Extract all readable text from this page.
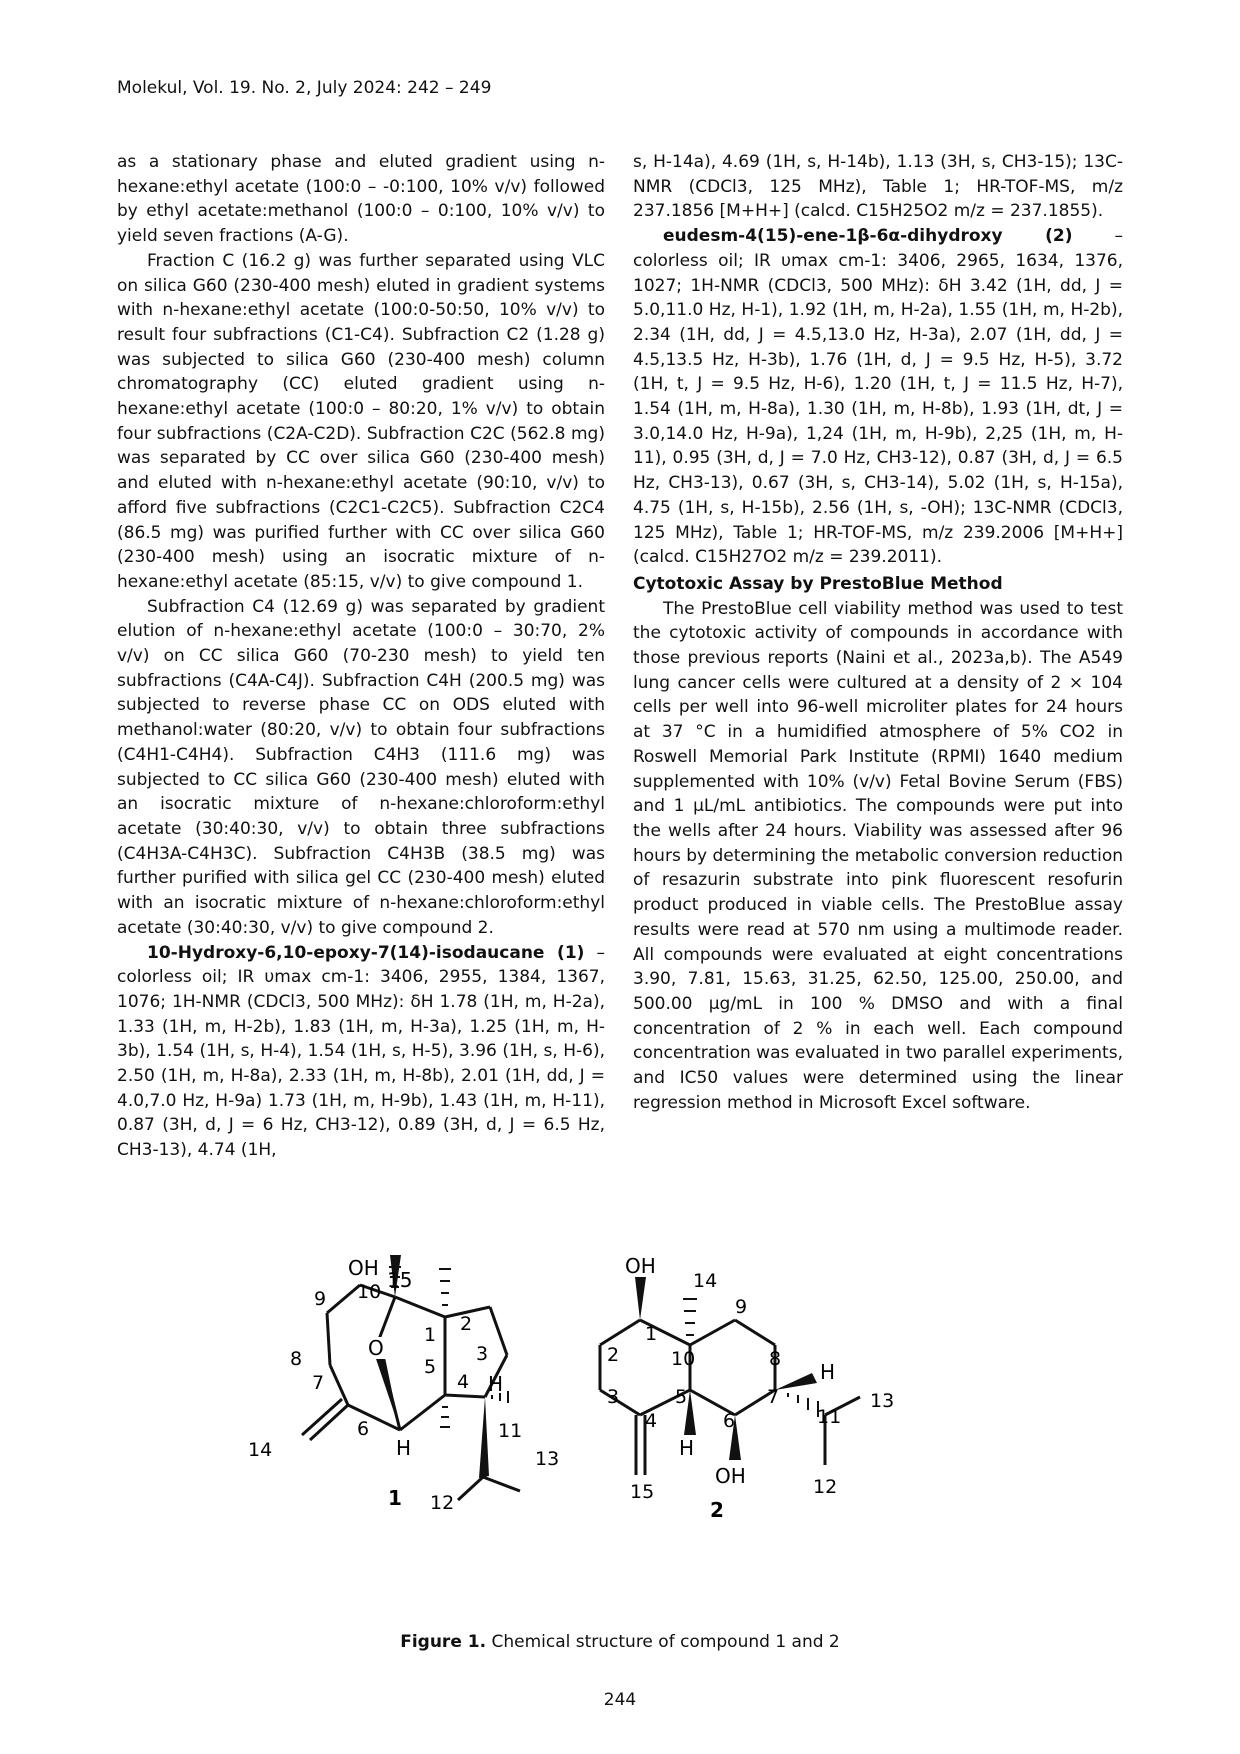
Molekul, Vol. 19. No. 2, July 2024: 242 – 249

as a stationary phase and eluted gradient using n-hexane:ethyl acetate (100:0 – -0:100, 10% v/v) followed by ethyl acetate:methanol (100:0 – 0:100, 10% v/v) to yield seven fractions (A-G).

Fraction C (16.2 g) was further separated using VLC on silica G60 (230-400 mesh) eluted in gradient systems with n-hexane:ethyl acetate (100:0-50:50, 10% v/v) to result four subfractions (C1-C4). Subfraction C2 (1.28 g) was subjected to silica G60 (230-400 mesh) column chromatography (CC) eluted gradient using n-hexane:ethyl acetate (100:0 – 80:20, 1% v/v) to obtain four subfractions (C2A-C2D). Subfraction C2C (562.8 mg) was separated by CC over silica G60 (230-400 mesh) and eluted with n-hexane:ethyl acetate (90:10, v/v) to afford five subfractions (C2C1-C2C5). Subfraction C2C4 (86.5 mg) was purified further with CC over silica G60 (230-400 mesh) using an isocratic mixture of n-hexane:ethyl acetate (85:15, v/v) to give compound 1.

Subfraction C4 (12.69 g) was separated by gradient elution of n-hexane:ethyl acetate (100:0 – 30:70, 2% v/v) on CC silica G60 (70-230 mesh) to yield ten subfractions (C4A-C4J). Subfraction C4H (200.5 mg) was subjected to reverse phase CC on ODS eluted with methanol:water (80:20, v/v) to obtain four subfractions (C4H1-C4H4). Subfraction C4H3 (111.6 mg) was subjected to CC silica G60 (230-400 mesh) eluted with an isocratic mixture of n-hexane:chloroform:ethyl acetate (30:40:30, v/v) to obtain three subfractions (C4H3A-C4H3C). Subfraction C4H3B (38.5 mg) was further purified with silica gel CC (230-400 mesh) eluted with an isocratic mixture of n-hexane:chloroform:ethyl acetate (30:40:30, v/v) to give compound 2.

10-Hydroxy-6,10-epoxy-7(14)-isodaucane (1) – colorless oil; IR υmax cm-1: 3406, 2955, 1384, 1367, 1076; 1H-NMR (CDCl3, 500 MHz): δH 1.78 (1H, m, H-2a), 1.33 (1H, m, H-2b), 1.83 (1H, m, H-3a), 1.25 (1H, m, H-3b), 1.54 (1H, s, H-4), 1.54 (1H, s, H-5), 3.96 (1H, s, H-6), 2.50 (1H, m, H-8a), 2.33 (1H, m, H-8b), 2.01 (1H, dd, J = 4.0,7.0 Hz, H-9a) 1.73 (1H, m, H-9b), 1.43 (1H, m, H-11), 0.87 (3H, d, J = 6 Hz, CH3-12), 0.89 (3H, d, J = 6.5 Hz, CH3-13), 4.74 (1H,

s, H-14a), 4.69 (1H, s, H-14b), 1.13 (3H, s, CH3-15); 13C-NMR (CDCl3, 125 MHz), Table 1; HR-TOF-MS, m/z 237.1856 [M+H+] (calcd. C15H25O2 m/z = 237.1855).

eudesm-4(15)-ene-1β-6α-dihydroxy (2) – colorless oil; IR υmax cm-1: 3406, 2965, 1634, 1376, 1027; 1H-NMR (CDCl3, 500 MHz): δH 3.42 (1H, dd, J = 5.0,11.0 Hz, H-1), 1.92 (1H, m, H-2a), 1.55 (1H, m, H-2b), 2.34 (1H, dd, J = 4.5,13.0 Hz, H-3a), 2.07 (1H, dd, J = 4.5,13.5 Hz, H-3b), 1.76 (1H, d, J = 9.5 Hz, H-5), 3.72 (1H, t, J = 9.5 Hz, H-6), 1.20 (1H, t, J = 11.5 Hz, H-7), 1.54 (1H, m, H-8a), 1.30 (1H, m, H-8b), 1.93 (1H, dt, J = 3.0,14.0 Hz, H-9a), 1,24 (1H, m, H-9b), 2,25 (1H, m, H-11), 0.95 (3H, d, J = 7.0 Hz, CH3-12), 0.87 (3H, d, J = 6.5 Hz, CH3-13), 0.67 (3H, s, CH3-14), 5.02 (1H, s, H-15a), 4.75 (1H, s, H-15b), 2.56 (1H, s, -OH); 13C-NMR (CDCl3, 125 MHz), Table 1; HR-TOF-MS, m/z 239.2006 [M+H+] (calcd. C15H27O2 m/z = 239.2011).

Cytotoxic Assay by PrestoBlue Method

The PrestoBlue cell viability method was used to test the cytotoxic activity of compounds in accordance with those previous reports (Naini et al., 2023a,b). The A549 lung cancer cells were cultured at a density of 2 × 104 cells per well into 96-well microliter plates for 24 hours at 37 °C in a humidified atmosphere of 5% CO2 in Roswell Memorial Park Institute (RPMI) 1640 medium supplemented with 10% (v/v) Fetal Bovine Serum (FBS) and 1 µL/mL antibiotics. The compounds were put into the wells after 24 hours. Viability was assessed after 96 hours by determining the metabolic conversion reduction of resazurin substrate into pink fluorescent resofurin product produced in viable cells. The PrestoBlue assay results were read at 570 nm using a multimode reader. All compounds were evaluated at eight concentrations 3.90, 7.81, 15.63, 31.25, 62.50, 125.00, 250.00, and 500.00 µg/mL in 100 % DMSO and with a final concentration of 2 % in each well. Each compound concentration was evaluated in two parallel experiments, and IC50 values were determined using the linear regression method in Microsoft Excel software.

OH 15
10
9
8	O
7
14
6
H
1 2
3
5
4 H
11
13
12
1
OH
14
1
9
10
2	8
H
3	5	7	13
4	6	11
H
15
OH	12
2
Figure 1. Chemical structure of compound 1 and 2
244
